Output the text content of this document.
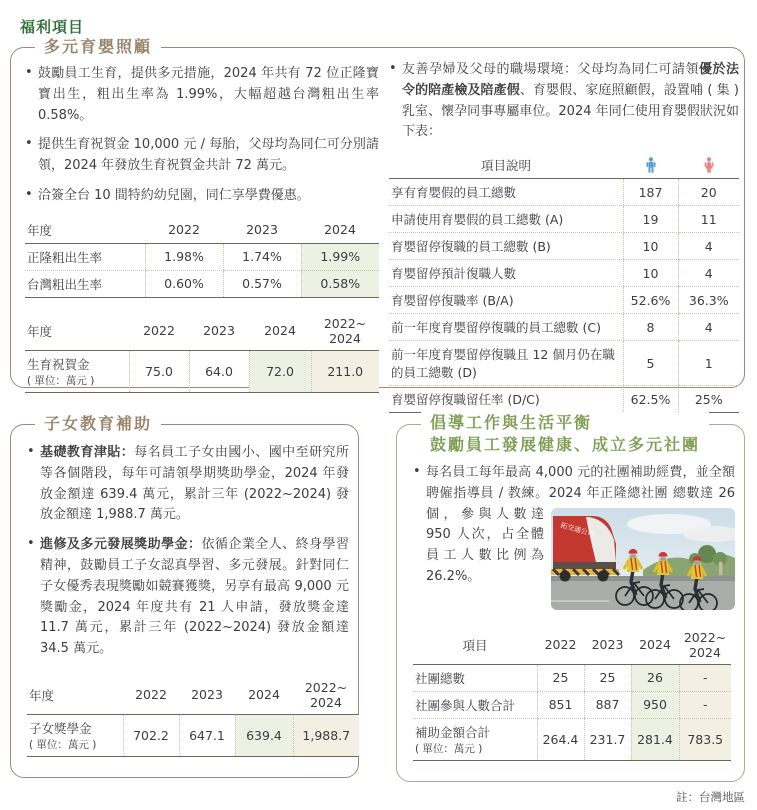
福利項目
多元育嬰照顧
• 鼓勵員工生育，提供多元措施，2024 年共有 72 位正隆寶寶出生，粗出生率為 1.99%，大幅超越台灣粗出生率 0.58%。
• 提供生育祝賀金 10,000 元 / 每胎，父母均為同仁可分別請領，2024 年發放生育祝賀金共計 72 萬元。
• 洽簽全台 10 間特約幼兒園，同仁享學費優惠。
年度	2022	2023	2024
正隆粗出生率	1.98%	1.74%	1.99%
台灣粗出生率	0.60%	0.57%	0.58%
年度	2022	2023	2024	2022~
2024
生育祝賀金
( 單位：萬元 )	75.0	64.0	72.0	211.0
• 友善孕婦及父母的職場環境：父母均為同仁可請領優於法令的陪產檢及陪產假、育嬰假、家庭照顧假，設置哺 ( 集 ) 乳室、懷孕同事專屬車位。2024 年同仁使用育嬰假狀況如下表：
項目說明		
享有育嬰假的員工總數	187	20
申請使用育嬰假的員工總數 (A)	19	11
育嬰留停復職的員工總數 (B)	10	4
育嬰留停預計復職人數	10	4
育嬰留停復職率 (B/A)	52.6%	36.3%
前一年度育嬰留停復職的員工總數 (C)	8	4
前一年度育嬰留停復職且 12 個月仍在職的員工總數 (D)	5	1
育嬰留停復職留任率 (D/C)	62.5%	25%
子女教育補助
• 基礎教育津貼：每名員工子女由國小、國中至研究所等各個階段，每年可請領學期獎助學金，2024 年發放金額達 639.4 萬元，累計三年 (2022~2024) 發放金額達 1,988.7 萬元。
• 進修及多元發展獎助學金：依循企業全人、終身學習精神，鼓勵員工子女認真學習、多元發展。針對同仁子女優秀表現獎勵如競賽獲獎，另享有最高 9,000 元獎勵金，2024 年度共有 21 人申請，發放獎金達 11.7 萬元，累計三年 (2022~2024) 發放金額達 34.5 萬元。
年度	2022	2023	2024	2022~
2024
子女獎學金
( 單位：萬元 )	702.2	647.1	639.4	1,988.7
倡導工作與生活平衡
鼓勵員工發展健康、成立多元社團
• 每名員工每年最高 4,000 元的社團補助經費，並全額聘僱指導員 / 教練。2024 年正隆總社團
拓交通公司
總數達 26 個，參與人數達 950 人次，占全體員工人數比例為 26.2%。
項目	2022	2023	2024	2022~
2024
社團總數	25	25	26	-
社團參與人數合計	851	887	950	-
補助金額合計
( 單位：萬元 )	264.4	231.7	281.4	783.5
註：台灣地區
